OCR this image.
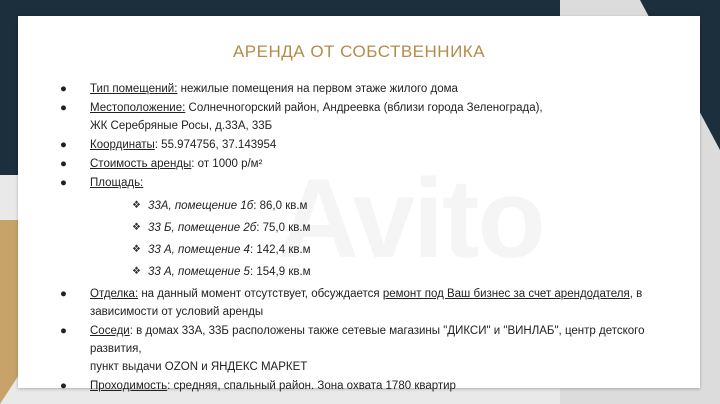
АРЕНДА ОТ СОБСТВЕННИКА
● Тип помещений: нежилые помещения на первом этаже жилого дома
● Местоположение: Солнечногорский район, Андреевка (вблизи города Зеленограда),
ЖК Серебряные Росы, д.33А, 33Б
● Координаты: 55.974756, 37.143954
● Стоимость аренды: от 1000 р/м²
● Площадь:
❖ 33А, помещение 1б: 86,0 кв.м
❖ 33 Б, помещение 2б: 75,0 кв.м
❖ 33 А, помещение 4: 142,4 кв.м
❖ 33 А, помещение 5: 154,9 кв.м
● Отделка: на данный момент отсутствует, обсуждается ремонт под Ваш бизнес за счет арендодателя, в
зависимости от условий аренды
● Соседи: в домах 33А, 33Б расположены также сетевые магазины "ДИКСИ" и "ВИНЛАБ", центр детского развития,
пункт выдачи OZON и ЯНДЕКС МАРКЕТ
● Проходимость: средняя, спальный район. Зона охвата 1780 квартир
